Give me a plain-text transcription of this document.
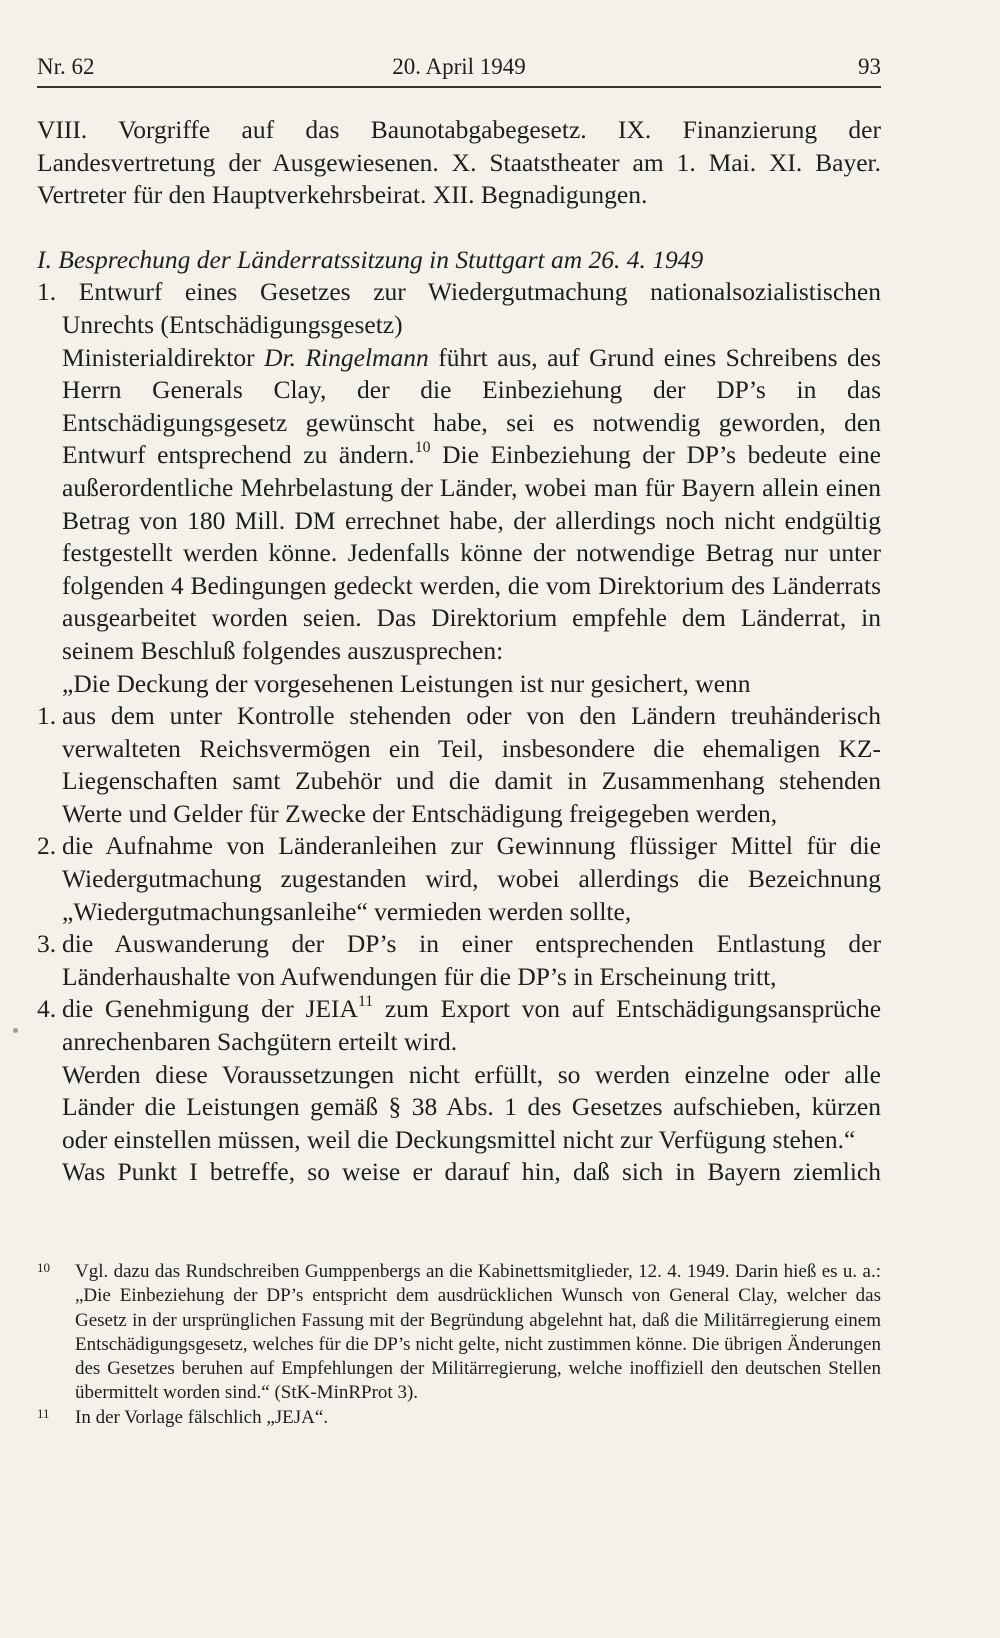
Nr. 62	20. April 1949	93

VIII. Vorgriffe auf das Baunotabgabegesetz. IX. Finanzierung der Landesvertretung der Ausgewiesenen. X. Staatstheater am 1. Mai. XI. Bayer. Vertreter für den Hauptverkehrsbeirat. XII. Begnadigungen.

I. Besprechung der Länderratssitzung in Stuttgart am 26. 4. 1949

1. Entwurf eines Gesetzes zur Wiedergutmachung nationalsozialistischen

Unrechts (Entschädigungsgesetz)

Ministerialdirektor Dr. Ringelmann führt aus, auf Grund eines Schreibens des Herrn Generals Clay, der die Einbeziehung der DP’s in das Entschädigungsgesetz gewünscht habe, sei es notwendig geworden, den Entwurf entsprechend zu ändern.$^{10}$ Die Einbeziehung der DP’s bedeute eine außerordentliche Mehrbelastung der Länder, wobei man für Bayern allein einen Betrag von 180 Mill. DM errechnet habe, der allerdings noch nicht endgültig festgestellt werden könne. Jedenfalls könne der notwendige Betrag nur unter folgenden 4 Bedingungen gedeckt werden, die vom Direktorium des Länderrats ausgearbeitet worden seien. Das Direktorium empfehle dem Länderrat, in seinem Beschluß folgendes auszusprechen:

„Die Deckung der vorgesehenen Leistungen ist nur gesichert, wenn

1. aus dem unter Kontrolle stehenden oder von den Ländern treuhänderisch verwalteten Reichsvermögen ein Teil, insbesondere die ehemaligen KZ-Liegenschaften samt Zubehör und die damit in Zusammenhang stehenden Werte und Gelder für Zwecke der Entschädigung freigegeben werden,

2. die Aufnahme von Länderanleihen zur Gewinnung flüssiger Mittel für die Wiedergutmachung zugestanden wird, wobei allerdings die Bezeichnung „Wiedergutmachungsanleihe“ vermieden werden sollte,

3. die Auswanderung der DP’s in einer entsprechenden Entlastung der Länderhaushalte von Aufwendungen für die DP’s in Erscheinung tritt,

4. die Genehmigung der JEIA$^{11}$ zum Export von auf Entschädigungsansprüche anrechenbaren Sachgütern erteilt wird.

Werden diese Voraussetzungen nicht erfüllt, so werden einzelne oder alle Länder die Leistungen gemäß § 38 Abs. 1 des Gesetzes aufschieben, kürzen oder einstellen müssen, weil die Deckungsmittel nicht zur Verfügung stehen.“

Was Punkt I betreffe, so weise er darauf hin, daß sich in Bayern ziemlich

10 Vgl. dazu das Rundschreiben Gumppenbergs an die Kabinettsmitglieder, 12. 4. 1949. Darin hieß es u. a.: „Die Einbeziehung der DP’s entspricht dem ausdrücklichen Wunsch von General Clay, welcher das Gesetz in der ursprünglichen Fassung mit der Begründung abgelehnt hat, daß die Militärregierung einem Entschädigungsgesetz, welches für die DP’s nicht gelte, nicht zustimmen könne. Die übrigen Änderungen des Gesetzes beruhen auf Empfehlungen der Militärregierung, welche inoffiziell den deutschen Stellen übermittelt worden sind.“ (StK-MinRProt 3).

11 In der Vorlage fälschlich „JEJA“.
